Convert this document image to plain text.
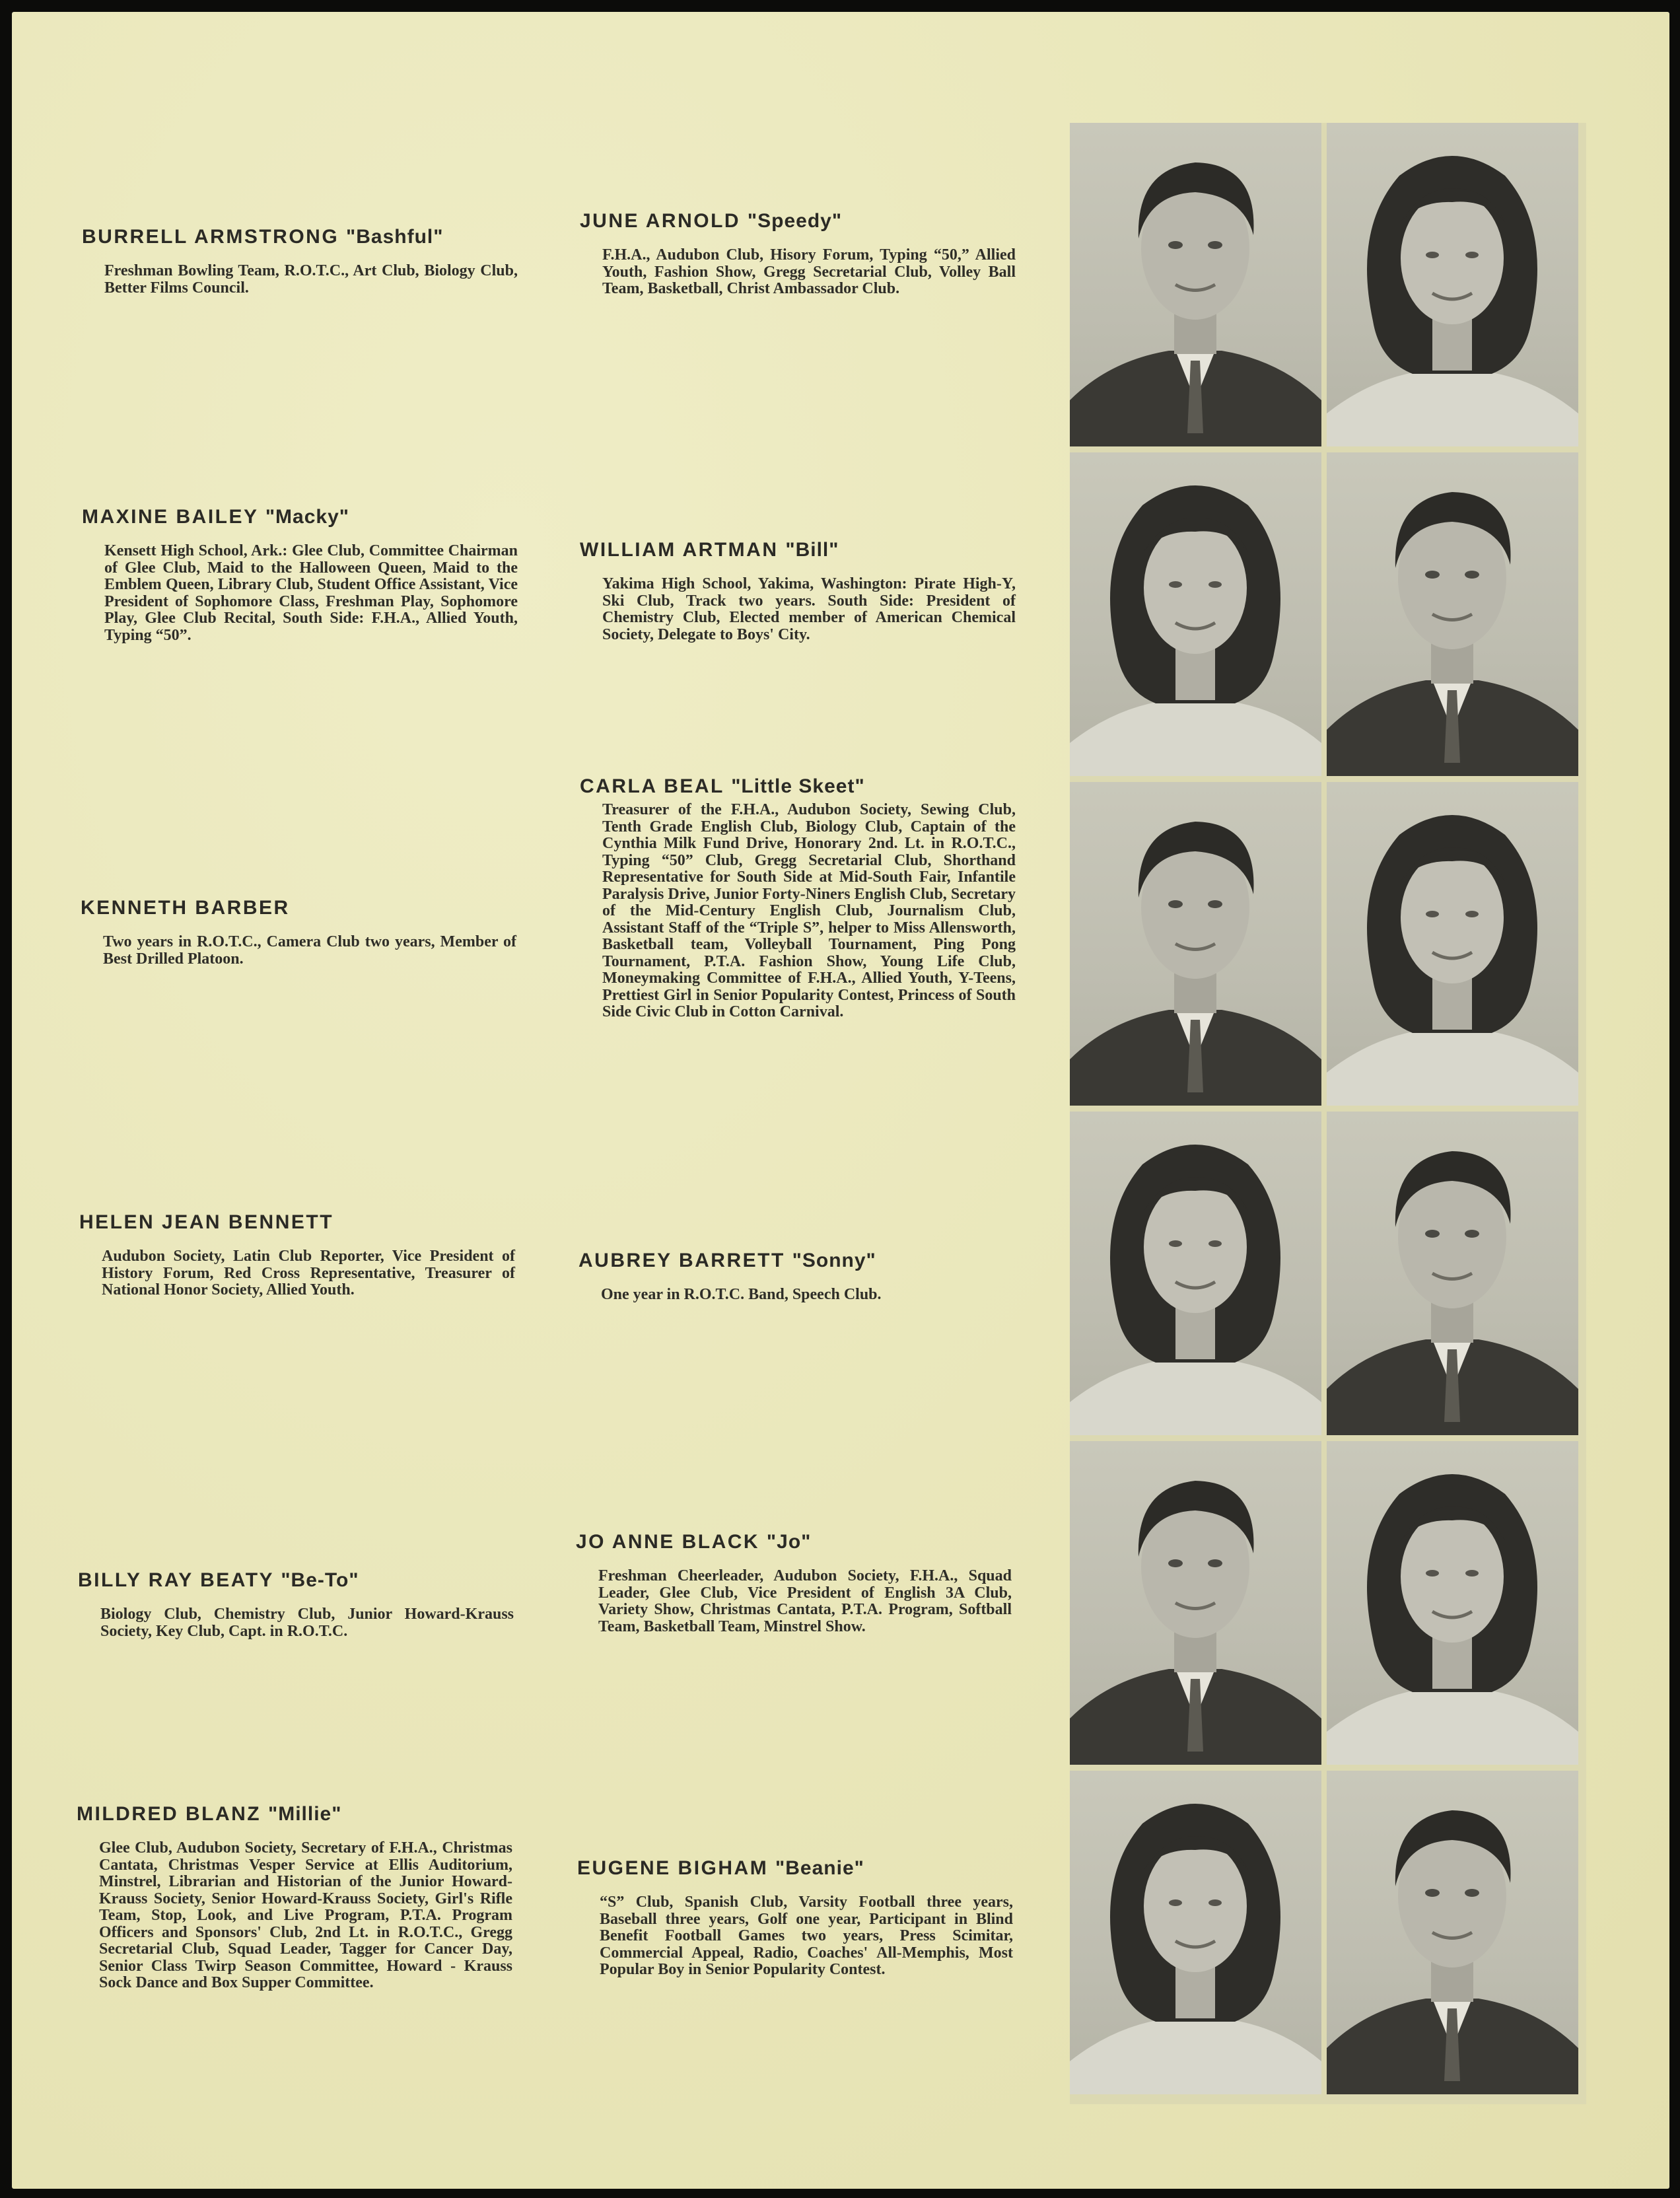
BURRELL ARMSTRONG "Bashful"
Freshman Bowling Team, R.O.T.C., Art Club, Biology Club, Better Films Council.
MAXINE BAILEY "Macky"
Kensett High School, Ark.: Glee Club, Committee Chairman of Glee Club, Maid to the Halloween Queen, Maid to the Emblem Queen, Library Club, Student Office Assistant, Vice President of Sophomore Class, Freshman Play, Sophomore Play, Glee Club Recital, South Side: F.H.A., Allied Youth, Typing “50”.
KENNETH BARBER
Two years in R.O.T.C., Camera Club two years, Member of Best Drilled Platoon.
HELEN JEAN BENNETT
Audubon Society, Latin Club Reporter, Vice President of History Forum, Red Cross Representative, Treasurer of National Honor Society, Allied Youth.
BILLY RAY BEATY "Be-To"
Biology Club, Chemistry Club, Junior Howard-Krauss Society, Key Club, Capt. in R.O.T.C.
MILDRED BLANZ "Millie"
Glee Club, Audubon Society, Secretary of F.H.A., Christmas Cantata, Christmas Vesper Service at Ellis Auditorium, Minstrel, Librarian and Historian of the Junior Howard-Krauss Society, Senior Howard-Krauss Society, Girl's Rifle Team, Stop, Look, and Live Program, P.T.A. Program Officers and Sponsors' Club, 2nd Lt. in R.O.T.C., Gregg Secretarial Club, Squad Leader, Tagger for Cancer Day, Senior Class Twirp Season Committee, Howard - Krauss Sock Dance and Box Supper Committee.
JUNE ARNOLD "Speedy"
F.H.A., Audubon Club, Hisory Forum, Typing “50,” Allied Youth, Fashion Show, Gregg Secretarial Club, Volley Ball Team, Basketball, Christ Ambassador Club.
WILLIAM ARTMAN "Bill"
Yakima High School, Yakima, Washington: Pirate High-Y, Ski Club, Track two years. South Side: President of Chemistry Club, Elected member of American Chemical Society, Delegate to Boys' City.
CARLA BEAL "Little Skeet"
Treasurer of the F.H.A., Audubon Society, Sewing Club, Tenth Grade English Club, Biology Club, Captain of the Cynthia Milk Fund Drive, Honorary 2nd. Lt. in R.O.T.C., Typing “50” Club, Gregg Secretarial Club, Shorthand Representative for South Side at Mid-South Fair, Infantile Paralysis Drive, Junior Forty-Niners English Club, Secretary of the Mid-Century English Club, Journalism Club, Assistant Staff of the “Triple S”, helper to Miss Allensworth, Basketball team, Volleyball Tournament, Ping Pong Tournament, P.T.A. Fashion Show, Young Life Club, Moneymaking Committee of F.H.A., Allied Youth, Y-Teens, Prettiest Girl in Senior Popularity Contest, Princess of South Side Civic Club in Cotton Carnival.
AUBREY BARRETT "Sonny"
One year in R.O.T.C. Band, Speech Club.
JO ANNE BLACK "Jo"
Freshman Cheerleader, Audubon Society, F.H.A., Squad Leader, Glee Club, Vice President of English 3A Club, Variety Show, Christmas Cantata, P.T.A. Program, Softball Team, Basketball Team, Minstrel Show.
EUGENE BIGHAM "Beanie"
“S” Club, Spanish Club, Varsity Football three years, Baseball three years, Golf one year, Participant in Blind Benefit Football Games two years, Press Scimitar, Commercial Appeal, Radio, Coaches' All-Memphis, Most Popular Boy in Senior Popularity Contest.
